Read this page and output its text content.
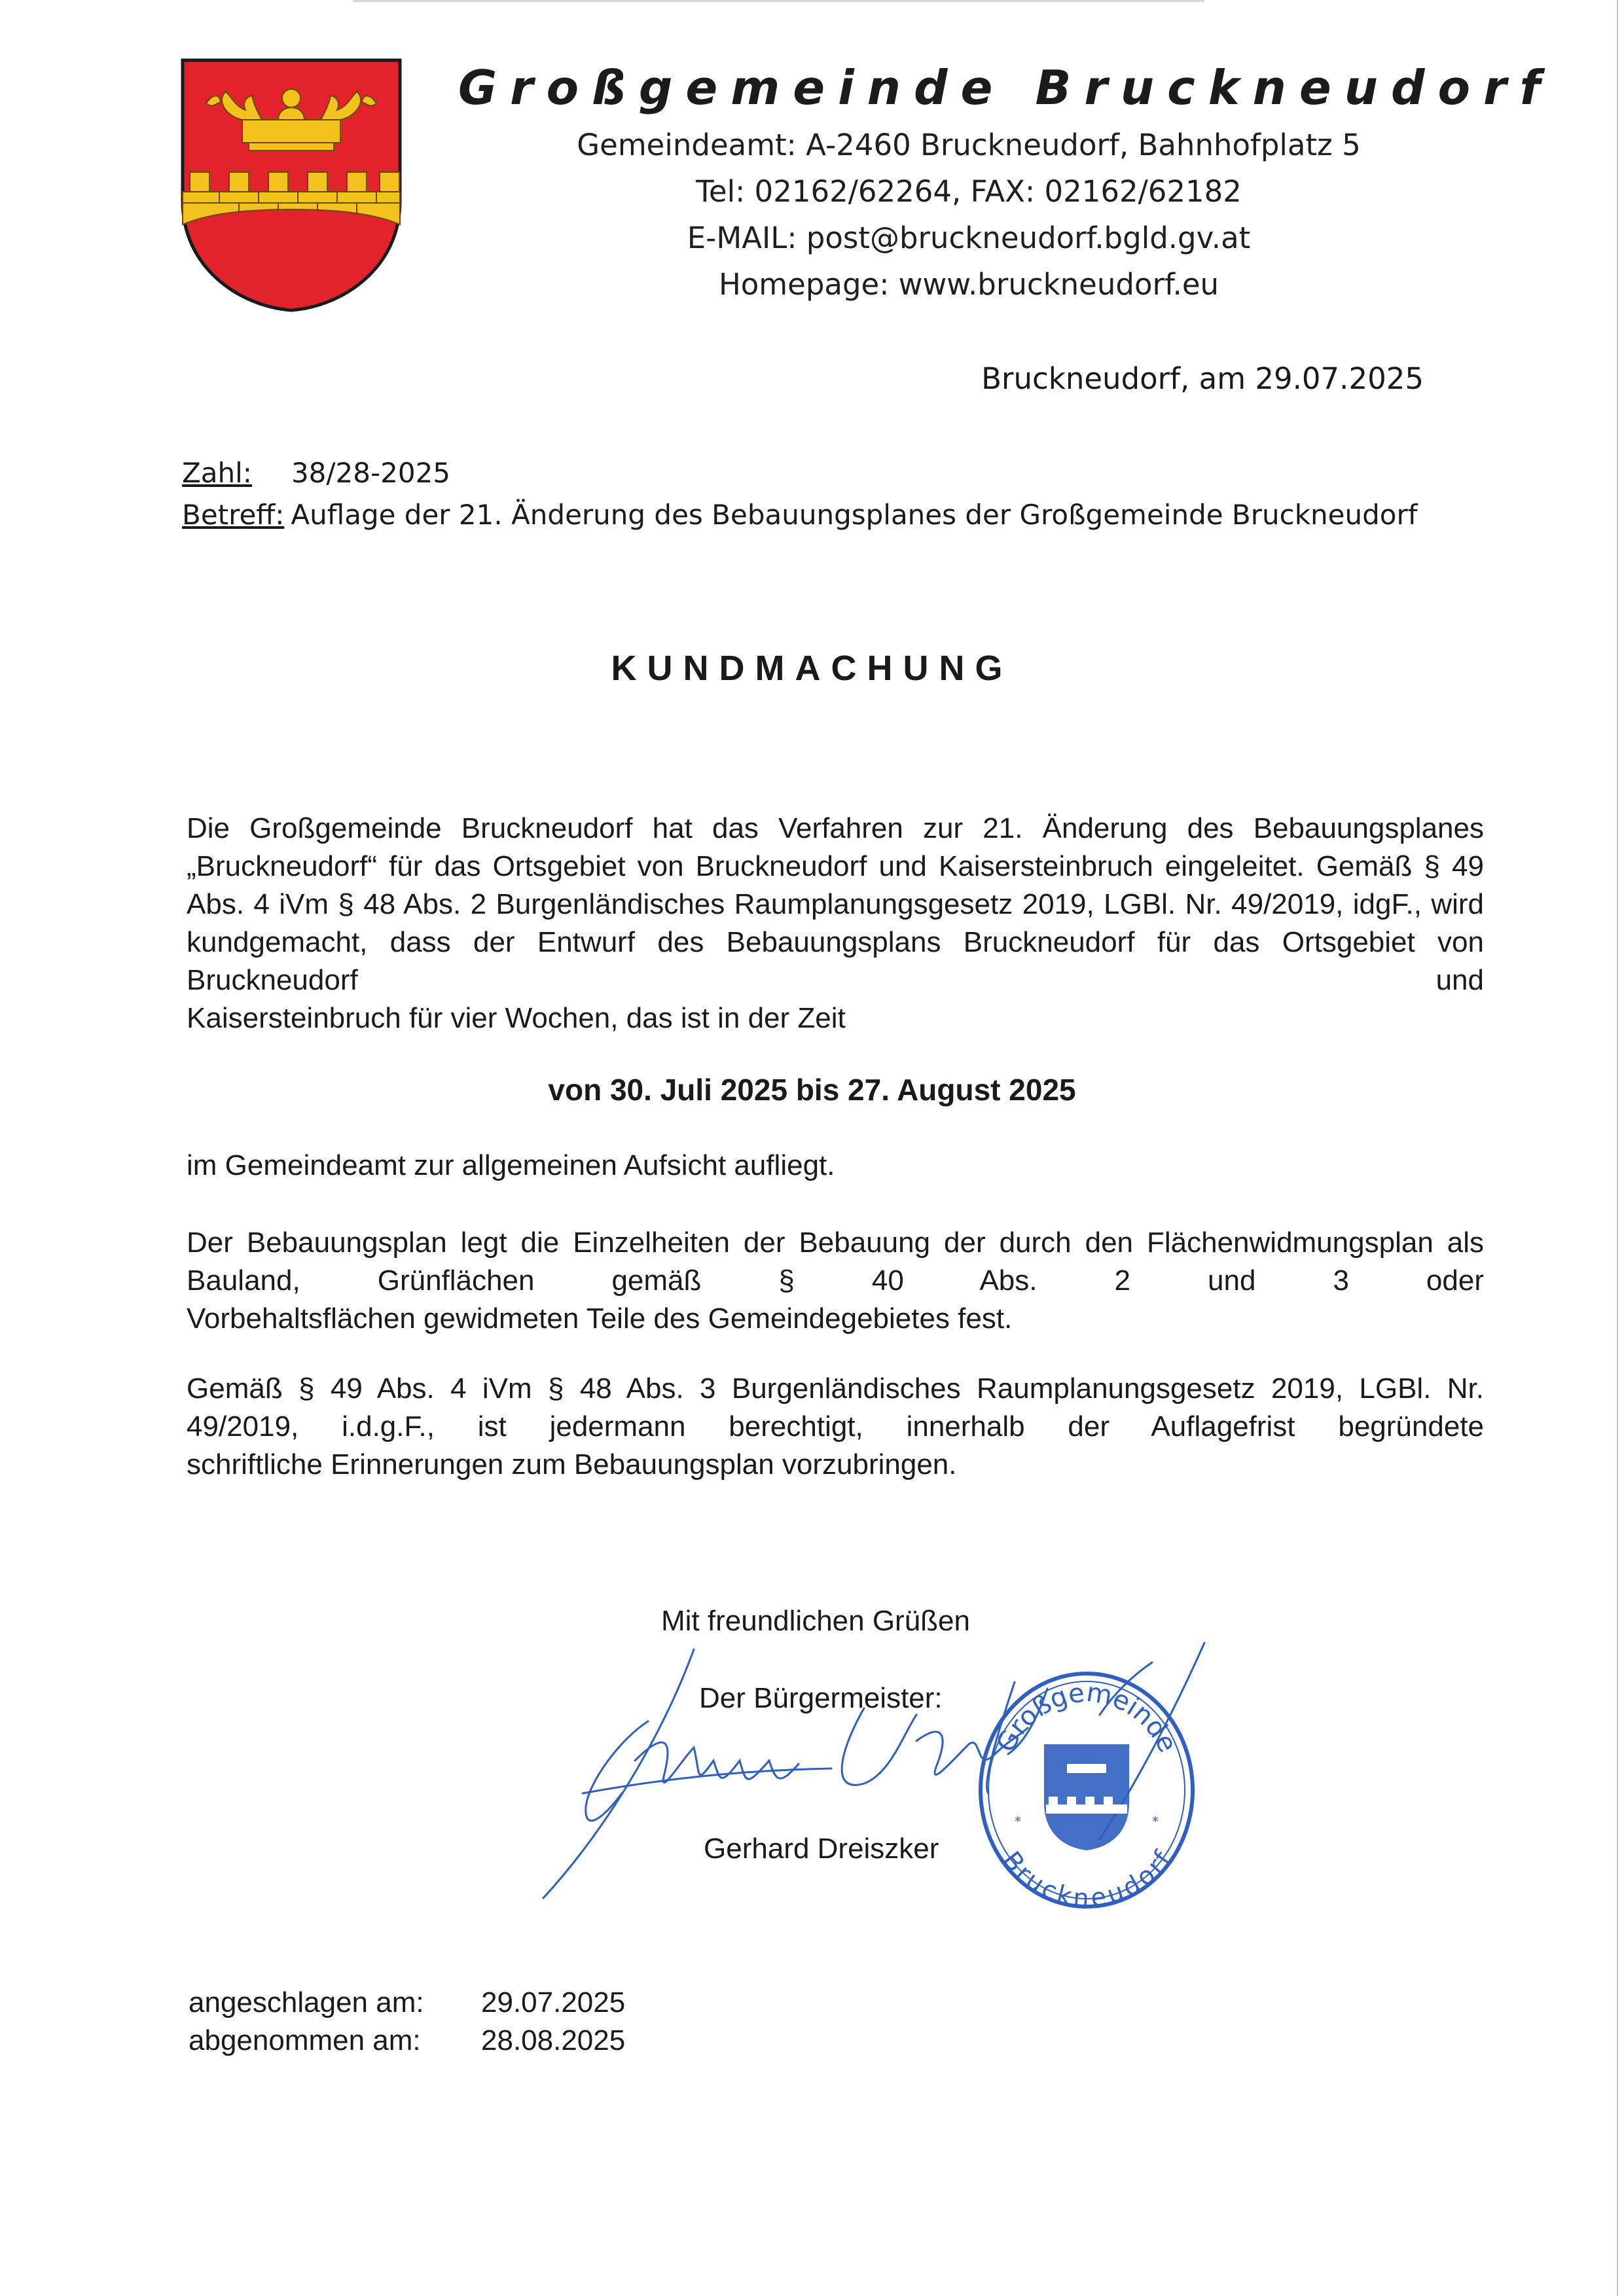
Großgemeinde Bruckneudorf
Gemeindeamt: A-2460 Bruckneudorf, Bahnhofplatz 5
Tel: 02162/62264, FAX: 02162/62182
E-MAIL: post@bruckneudorf.bgld.gv.at
Homepage: www.bruckneudorf.eu
Bruckneudorf, am 29.07.2025
Zahl: 38/28-2025
Betreff: Auflage der 21. Änderung des Bebauungsplanes der Großgemeinde Bruckneudorf
KUNDMACHUNG
Die Großgemeinde Bruckneudorf hat das Verfahren zur 21. Änderung des Bebauungsplanes „Bruckneudorf“ für das Ortsgebiet von Bruckneudorf und Kaisersteinbruch eingeleitet. Gemäß § 49 Abs. 4 iVm § 48 Abs. 2 Burgenländisches Raumplanungsgesetz 2019, LGBl. Nr. 49/2019, idgF., wird kundgemacht, dass der Entwurf des Bebauungsplans Bruckneudorf für das Ortsgebiet von Bruckneudorf und
Kaisersteinbruch für vier Wochen, das ist in der Zeit
von 30. Juli 2025 bis 27. August 2025
im Gemeindeamt zur allgemeinen Aufsicht aufliegt.
Der Bebauungsplan legt die Einzelheiten der Bebauung der durch den Flächenwidmungsplan als Bauland, Grünflächen gemäß § 40 Abs. 2 und 3 oder
Vorbehaltsflächen gewidmeten Teile des Gemeindegebietes fest.
Gemäß § 49 Abs. 4 iVm § 48 Abs. 3 Burgenländisches Raumplanungsgesetz 2019, LGBl. Nr. 49/2019, i.d.g.F., ist jedermann berechtigt, innerhalb der Auflagefrist begründete
schriftliche Erinnerungen zum Bebauungsplan vorzubringen.
Mit freundlichen Grüßen
Der Bürgermeister:
Gerhard Dreiszker
Großgemeinde
Bruckneudorf
*	*
angeschlagen am: 29.07.2025
abgenommen am: 28.08.2025
